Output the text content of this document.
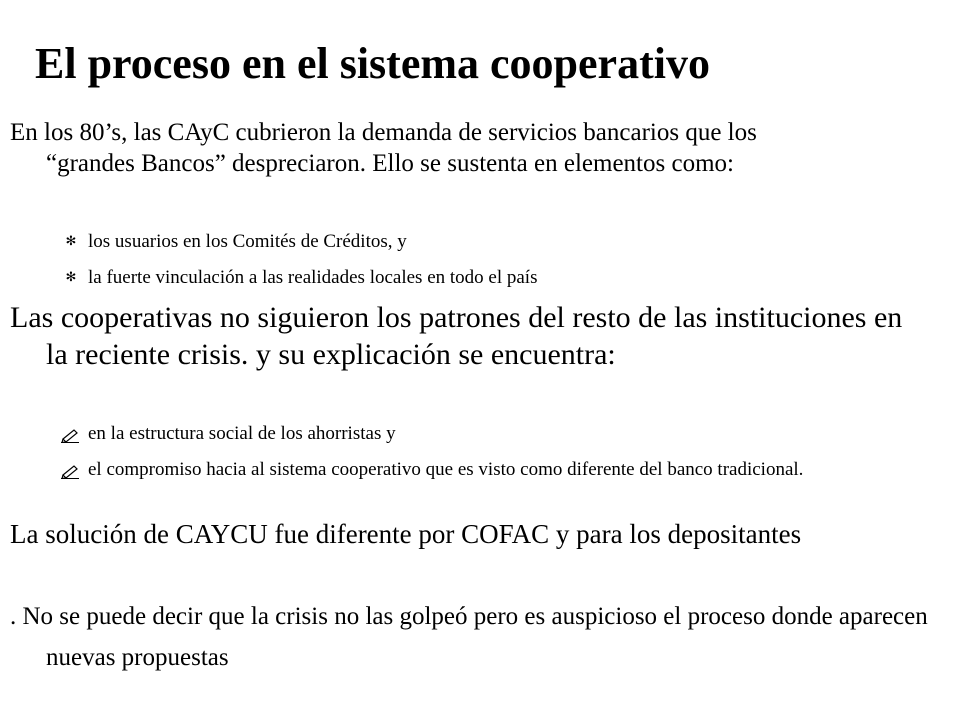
El proceso en el sistema cooperativo

En los 80’s, las CAyC cubrieron la demanda de servicios bancarios que los “grandes Bancos” despreciaron. Ello se sustenta en elementos como:

✻ los usuarios en los Comités de Créditos, y
✻ la fuerte vinculación a las realidades locales en todo el país

Las cooperativas no siguieron los patrones del resto de las instituciones en la reciente crisis. y su explicación se encuentra:

en la estructura social de los ahorristas y
el compromiso hacia al sistema cooperativo que es visto como diferente del banco tradicional.

La solución de CAYCU fue diferente por COFAC y para los depositantes

. No se puede decir que la crisis no las golpeó pero es auspicioso el proceso donde aparecen nuevas propuestas
